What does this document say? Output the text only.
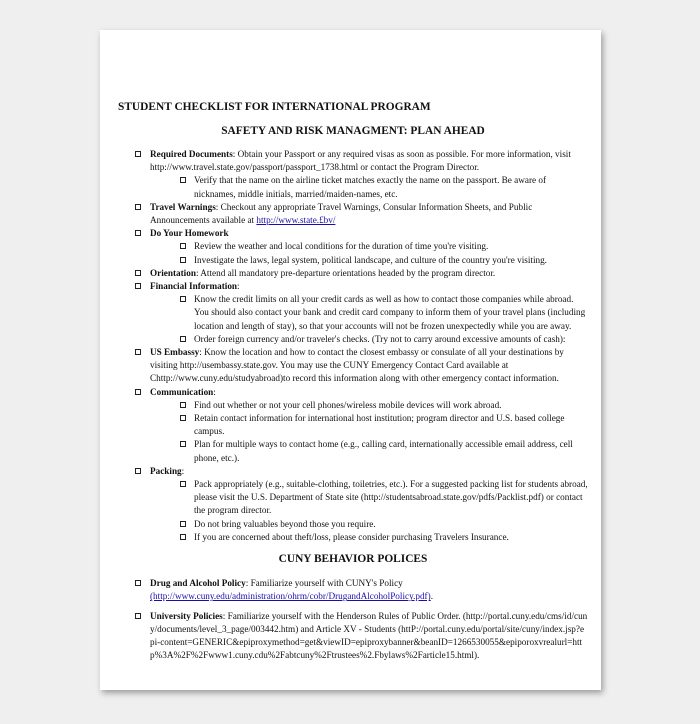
STUDENT CHECKLIST FOR INTERNATIONAL PROGRAM
SAFETY AND RISK MANAGMENT: PLAN AHEAD
Required Documents: Obtain your Passport or any required visas as soon as possible. For more information, visit http://www.travel.state.gov/passport/passport_1738.html or contact the Program Director.
Verify that the name on the airline ticket matches exactly the name on the passport. Be aware of nicknames, middle initials, married/maiden-names, etc.
Travel Warnings: Checkout any appropriate Travel Warnings, Consular Information Sheets, and Public Announcements available at http://www.state.£bv/
Do Your Homework
Review the weather and local conditions for the duration of time you're visiting.
Investigate the laws, legal system, political landscape, and culture of the country you're visiting.
Orientation: Attend all mandatory pre-departure orientations headed by the program director.
Financial Information:
Know the credit limits on all your credit cards as well as how to contact those companies while abroad. You should also contact your bank and credit card company to inform them of your travel plans (including location and length of stay), so that your accounts will not be frozen unexpectedly while you are away.
Order foreign currency and/or traveler's checks. (Try not to carry around excessive amounts of cash):
US Embassy: Know the location and how to contact the closest embassy or consulate of all your destinations by visiting http://usembassy.state.gov. You may use the CUNY Emergency Contact Card available at Chttp://www.cuny.edu/studyabroad)to record this information along with other emergency contact information.
Communication:
Find out whether or not your cell phones/wireless mobile devices will work abroad.
Retain contact information for international host institution; program director and U.S. based college campus.
Plan for multiple ways to contact home (e.g., calling card, internationally accessible email address, cell phone, etc.).
Packing:
Pack appropriately (e.g., suitable-clothing, toiletries, etc.). For a suggested packing list for students abroad, please visit the U.S. Department of State site (http://studentsabroad.state.gov/pdfs/Packlist.pdf) or contact the program director.
Do not bring valuables beyond those you require.
If you are concerned about theft/loss, please consider purchasing Travelers Insurance.
CUNY BEHAVIOR POLICES
Drug and Alcohol Policy: Familiarize yourself with CUNY's Policy (http://www.cuny.edu/administration/ohrm/cobr/DrugandAlcoholPolicy.pdf).
University Policies: Familiarize yourself with the Henderson Rules of Public Order. (http://portal.cuny.edu/cms/id/cuny/documents/level_3_page/003442.htm) and Article XV - Students (httP://portal.cuny.edu/portal/site/cuny/index.jsp?epi-content=GENERIC&epiproxymethod=get&viewID=epiproxybanner&beanID=1266530055&epiporoxvrealurl=http%3A%2F%2Fwww1.cuny.cdu%2Fabtcuny%2Ftrustees%2.Fbylaws%2Farticle15.html).
